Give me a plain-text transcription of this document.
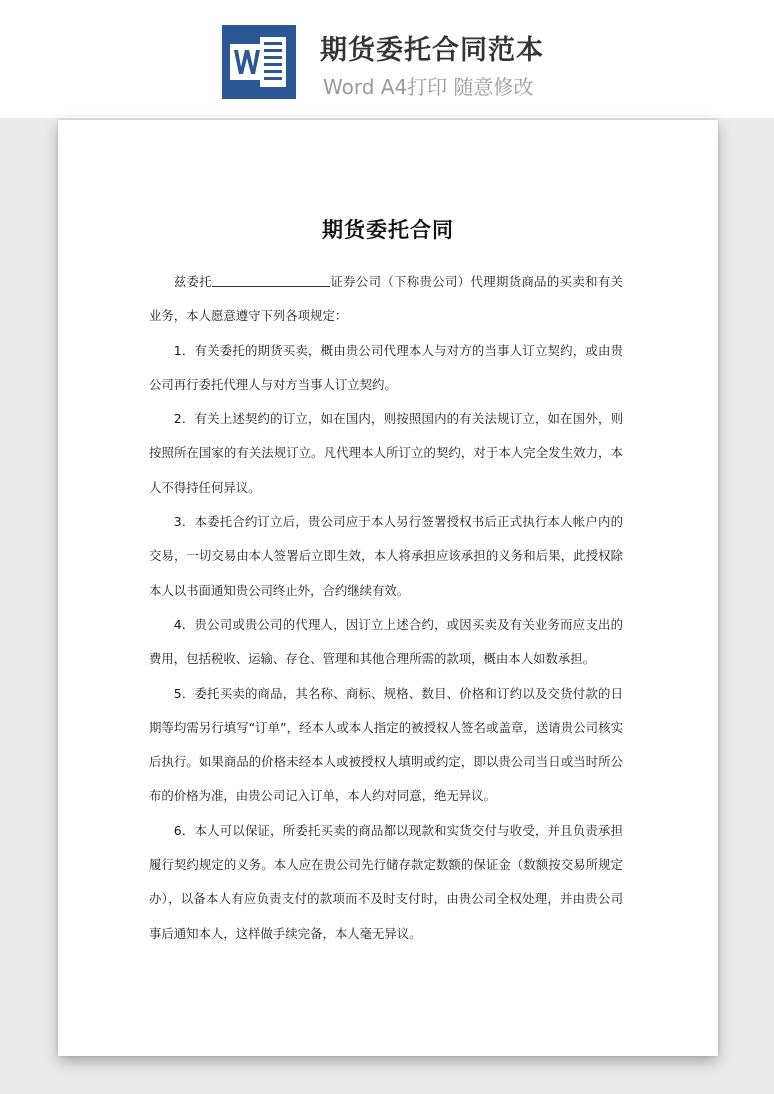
期货委托合同范本
Word A4打印 随意修改

期货委托合同

兹委托	证券公司（下称贵公司）代理期货商品的买卖和有关业务，本人愿意遵守下列各项规定：

1．有关委托的期货买卖，概由贵公司代理本人与对方的当事人订立契约，或由贵公司再行委托代理人与对方当事人订立契约。

2．有关上述契约的订立，如在国内，则按照国内的有关法规订立，如在国外，则按照所在国家的有关法规订立。凡代理本人所订立的契约，对于本人完全发生效力，本人不得持任何异议。

3．本委托合约订立后，贵公司应于本人另行签署授权书后正式执行本人帐户内的交易，一切交易由本人签署后立即生效，本人将承担应该承担的义务和后果，此授权除本人以书面通知贵公司终止外，合约继续有效。

4．贵公司或贵公司的代理人，因订立上述合约，或因买卖及有关业务而应支出的费用，包括税收、运输、存仓、管理和其他合理所需的款项，概由本人如数承担。

5．委托买卖的商品，其名称、商标、规格、数目、价格和订约以及交货付款的日期等均需另行填写“订单”，经本人或本人指定的被授权人签名或盖章，送请贵公司核实后执行。如果商品的价格未经本人或被授权人填明或约定，即以贵公司当日或当时所公布的价格为准，由贵公司记入订单，本人约对同意，绝无异议。

6．本人可以保证，所委托买卖的商品都以现款和实货交付与收受，并且负责承担履行契约规定的义务。本人应在贵公司先行储存款定数额的保证金（数额按交易所规定办），以备本人有应负责支付的款项而不及时支付时，由贵公司全权处理，并由贵公司事后通知本人，这样做手续完备，本人毫无异议。
